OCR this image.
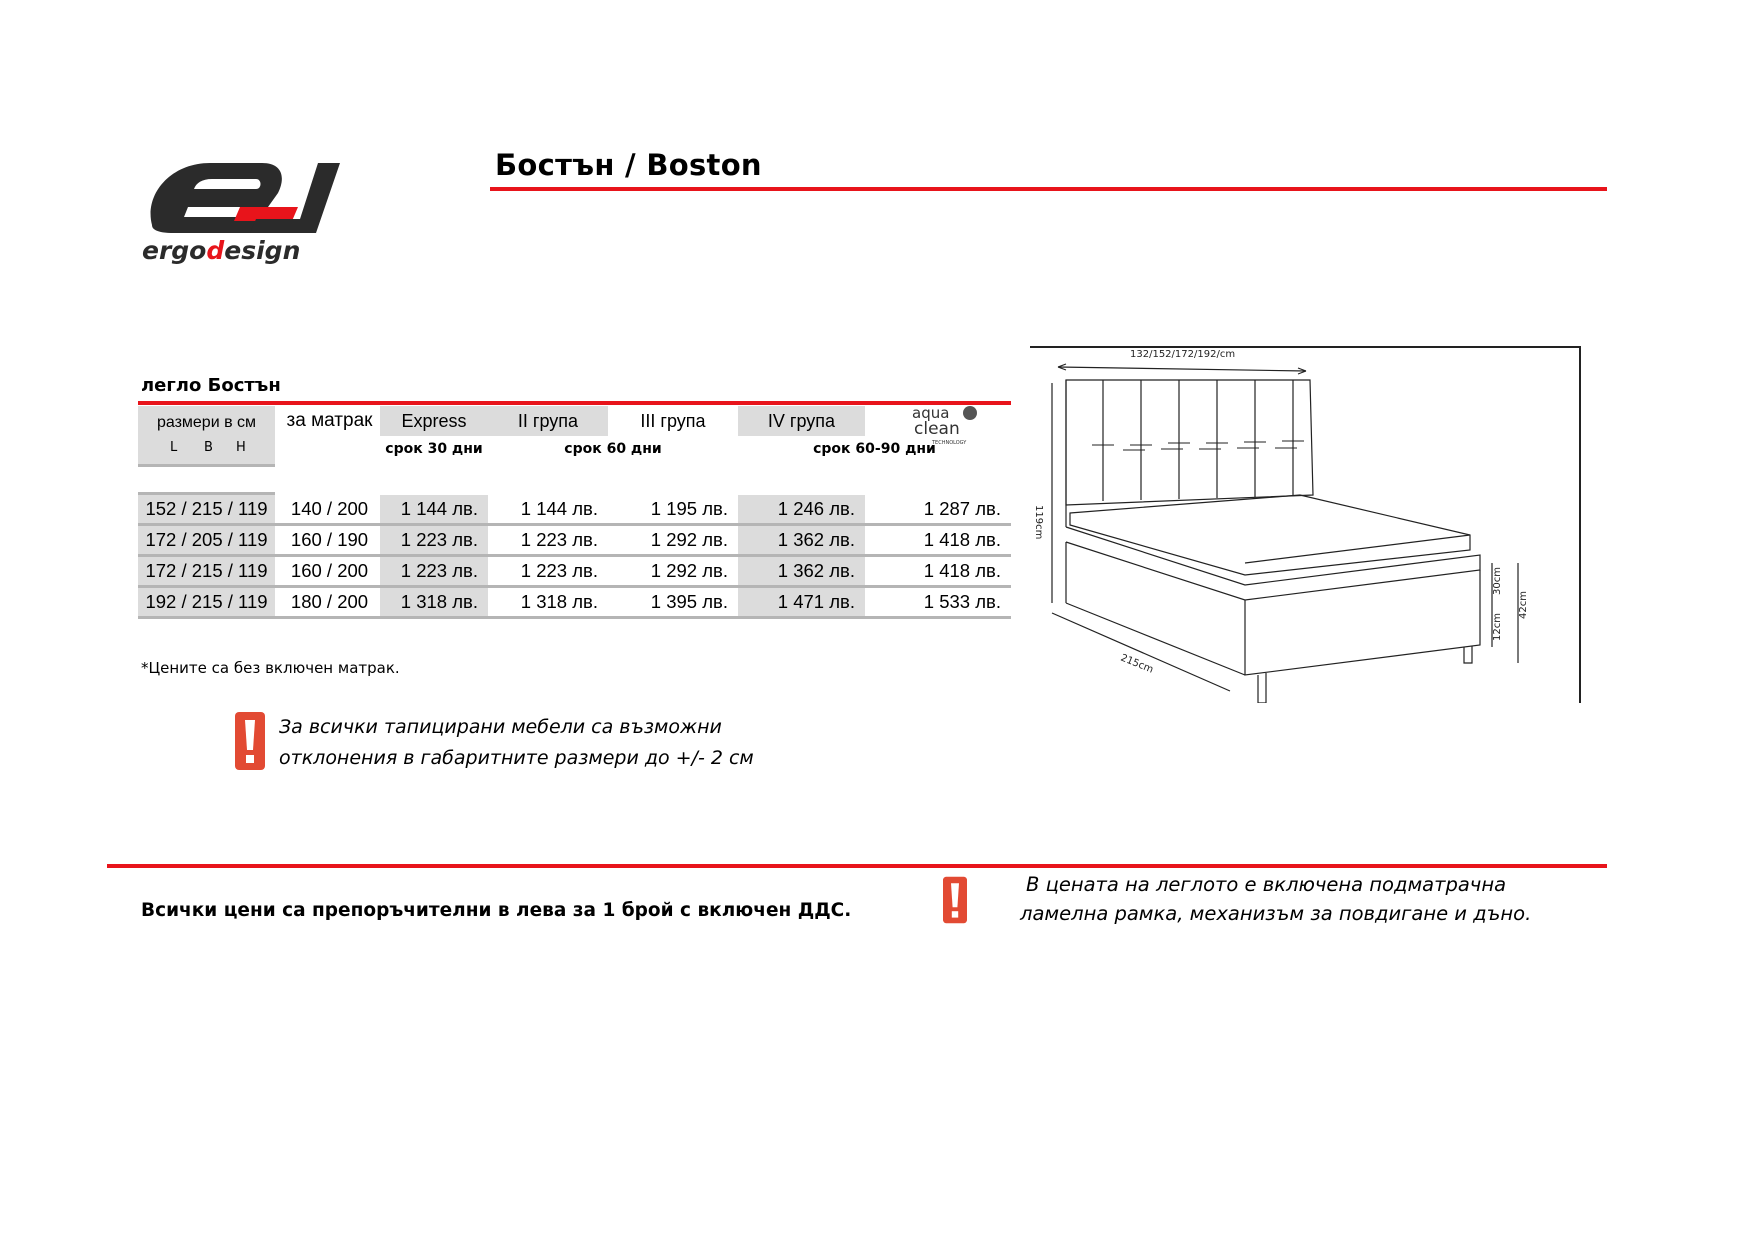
ergodesign
Бостън / Boston
легло Бостън
размери в см
L B H
за матрак	Express	II група	III група	IV група
срок 30 дни	срок 60 дни	срок 60-90 дни
152 / 215 / 119	140 / 200	1 144 лв.	1 144 лв.	1 195 лв.	1 246 лв.	1 287 лв.
172 / 205 / 119	160 / 190	1 223 лв.	1 223 лв.	1 292 лв.	1 362 лв.	1 418 лв.
172 / 215 / 119	160 / 200	1 223 лв.	1 223 лв.	1 292 лв.	1 362 лв.	1 418 лв.
192 / 215 / 119	180 / 200	1 318 лв.	1 318 лв.	1 395 лв.	1 471 лв.	1 533 лв.
aqua
clean
TECHNOLOGY
*Цените са без включен матрак.
За всички тапицирани мебели са възможни
отклонения в габаритните размери до +/- 2 см
Всички цени са препоръчителни в лева за 1 брой с включен ДДС.
В цената на леглото е включена подматрачна
ламелна рамка, механизъм за повдигане и дъно.
132/152/172/192/cm
119cm
215cm
30cm
12cm
42cm
